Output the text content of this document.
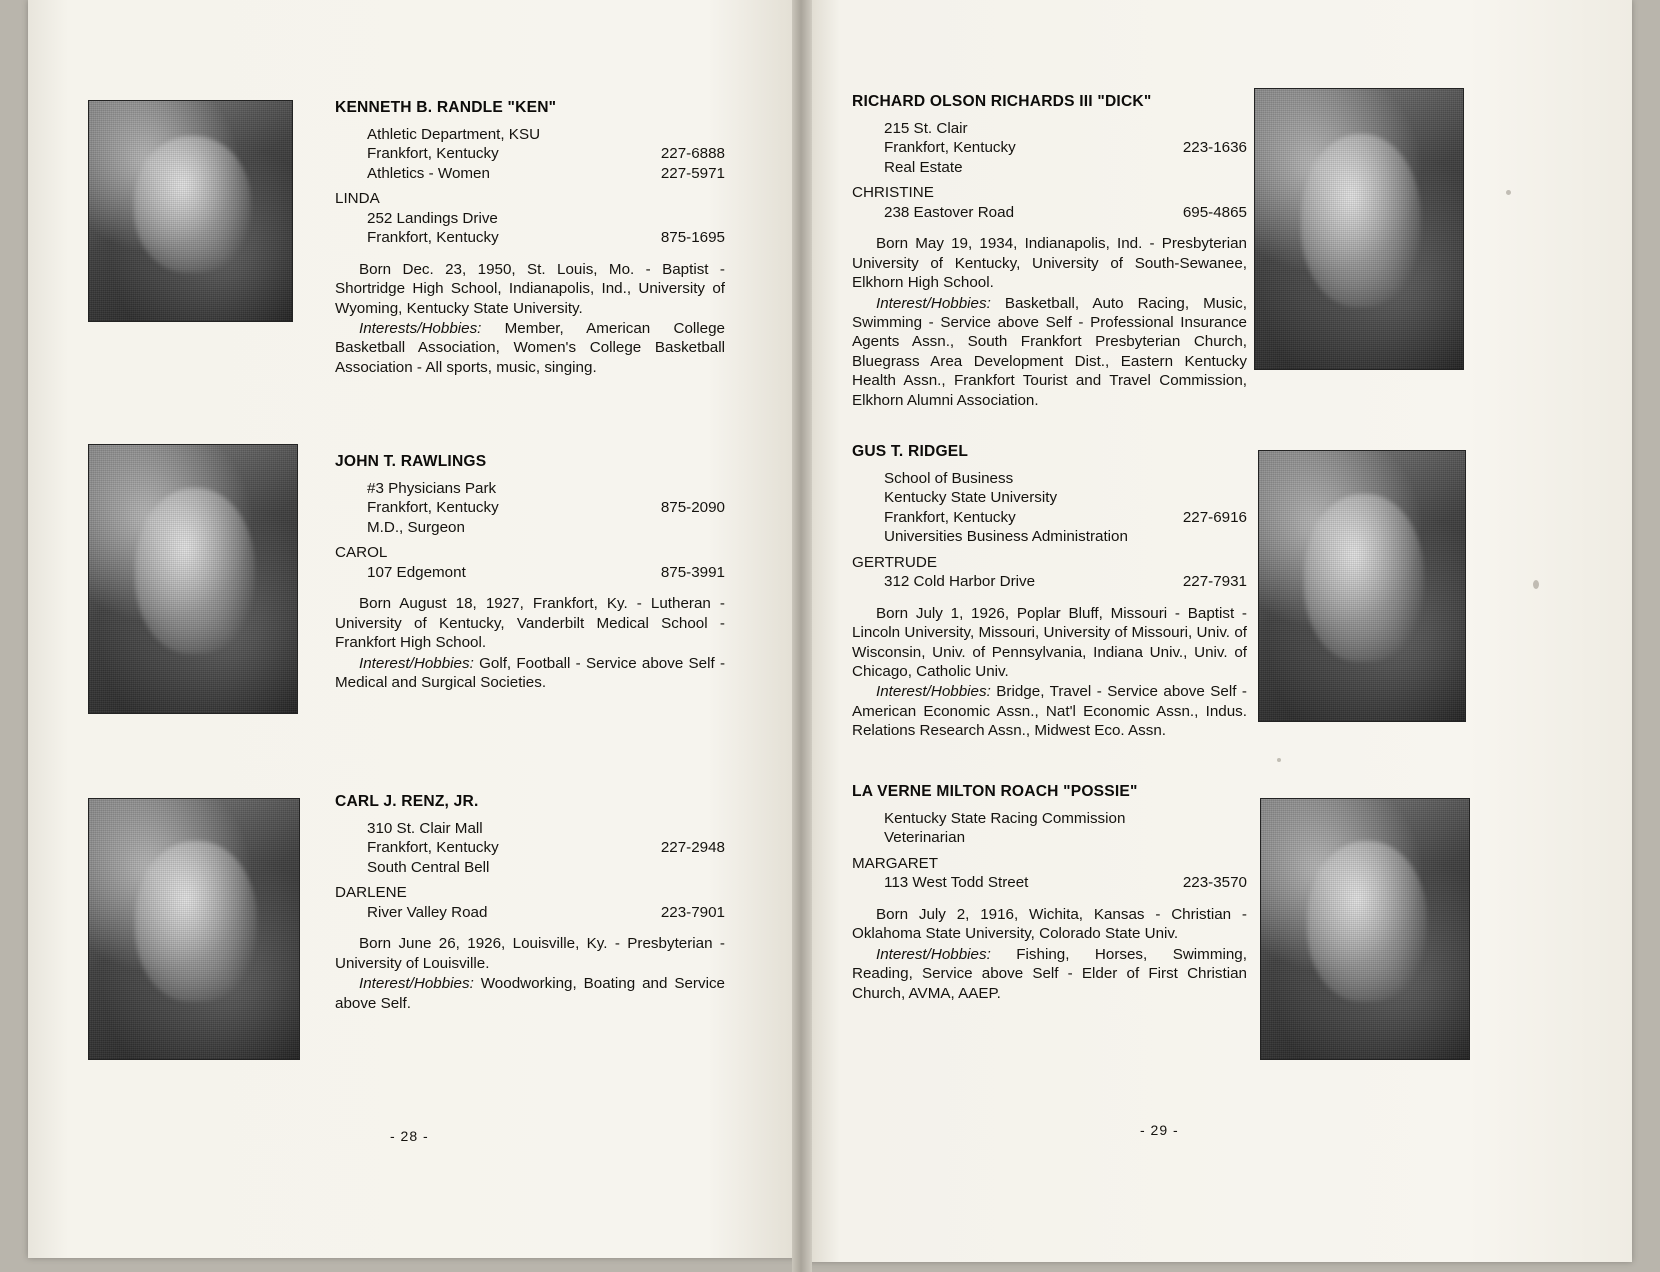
KENNETH B. RANDLE "KEN"
Athletic Department, KSU
Frankfort, Kentucky	227-6888
Athletics - Women	227-5971
LINDA
252 Landings Drive
Frankfort, Kentucky	875-1695

Born Dec. 23, 1950, St. Louis, Mo. - Baptist - Shortridge High School, Indianapolis, Ind., University of Wyoming, Kentucky State University.

Interests/Hobbies: Member, American College Basketball Association, Women's College Basketball Association - All sports, music, singing.

JOHN T. RAWLINGS
#3 Physicians Park
Frankfort, Kentucky	875-2090
M.D., Surgeon
CAROL
107 Edgemont	875-3991

Born August 18, 1927, Frankfort, Ky. - Lutheran - University of Kentucky, Vanderbilt Medical School - Frankfort High School.

Interest/Hobbies: Golf, Football - Service above Self - Medical and Surgical Societies.

CARL J. RENZ, JR.
310 St. Clair Mall
Frankfort, Kentucky	227-2948
South Central Bell
DARLENE
River Valley Road	223-7901

Born June 26, 1926, Louisville, Ky. - Presbyterian - University of Louisville.

Interest/Hobbies: Woodworking, Boating and Service above Self.

- 28 -
RICHARD OLSON RICHARDS III "DICK"
215 St. Clair
Frankfort, Kentucky	223-1636
Real Estate
CHRISTINE
238 Eastover Road	695-4865

Born May 19, 1934, Indianapolis, Ind. - Presbyterian University of Kentucky, University of South-Sewanee, Elkhorn High School.

Interest/Hobbies: Basketball, Auto Racing, Music, Swimming - Service above Self - Professional Insurance Agents Assn., South Frankfort Presbyterian Church, Bluegrass Area Development Dist., Eastern Kentucky Health Assn., Frankfort Tourist and Travel Commission, Elkhorn Alumni Association.

GUS T. RIDGEL
School of Business
Kentucky State University
Frankfort, Kentucky	227-6916
Universities Business Administration
GERTRUDE
312 Cold Harbor Drive	227-7931

Born July 1, 1926, Poplar Bluff, Missouri - Baptist - Lincoln University, Missouri, University of Missouri, Univ. of Wisconsin, Univ. of Pennsylvania, Indiana Univ., Univ. of Chicago, Catholic Univ.

Interest/Hobbies: Bridge, Travel - Service above Self - American Economic Assn., Nat'l Economic Assn., Indus. Relations Research Assn., Midwest Eco. Assn.

LA VERNE MILTON ROACH "POSSIE"
Kentucky State Racing Commission
Veterinarian
MARGARET
113 West Todd Street	223-3570

Born July 2, 1916, Wichita, Kansas - Christian - Oklahoma State University, Colorado State Univ.

Interest/Hobbies: Fishing, Horses, Swimming, Reading, Service above Self - Elder of First Christian Church, AVMA, AAEP.

- 29 -
